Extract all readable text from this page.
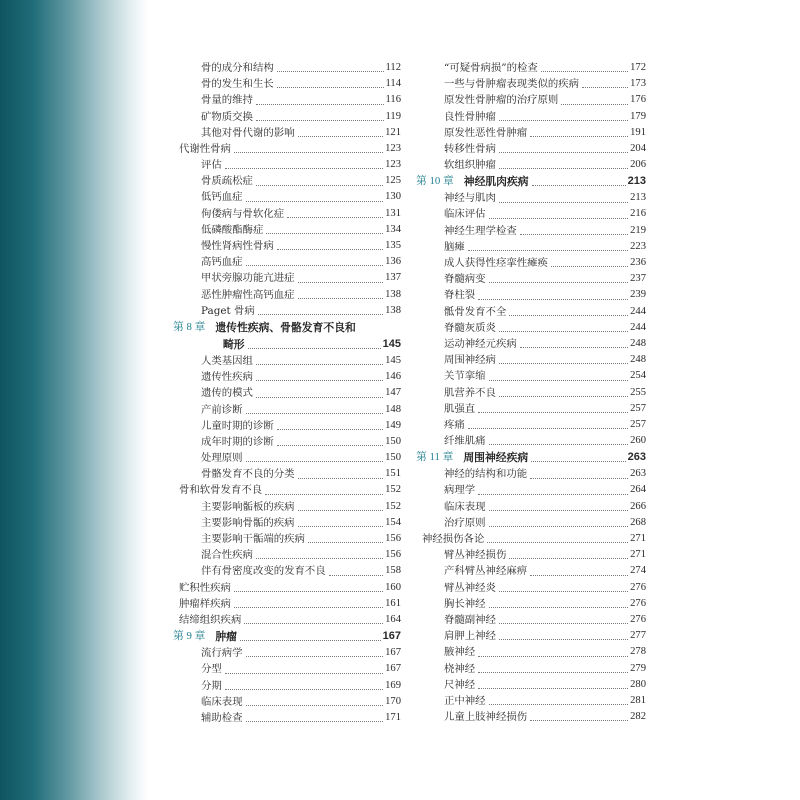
骨的成分和结构	112
骨的发生和生长	114
骨量的维持	116
矿物质交换	119
其他对骨代谢的影响	121
代谢性骨病	123
评估	123
骨质疏松症	125
低钙血症	130
佝偻病与骨软化症	131
低磷酸酯酶症	134
慢性肾病性骨病	135
高钙血症	136
甲状旁腺功能亢进症	137
恶性肿瘤性高钙血症	138
Paget 骨病	138
第 8 章 遗传性疾病、骨骼发育不良和
畸形	145
人类基因组	145
遗传性疾病	146
遗传的模式	147
产前诊断	148
儿童时期的诊断	149
成年时期的诊断	150
处理原则	150
骨骼发育不良的分类	151
骨和软骨发育不良	152
主要影响骺板的疾病	152
主要影响骨骺的疾病	154
主要影响干骺端的疾病	156
混合性疾病	156
伴有骨密度改变的发育不良	158
贮积性疾病	160
肿瘤样疾病	161
结缔组织疾病	164
第 9 章 肿瘤	167
流行病学	167
分型	167
分期	169
临床表现	170
辅助检查	171
“可疑骨病损”的检查	172
一些与骨肿瘤表现类似的疾病	173
原发性骨肿瘤的治疗原则	176
良性骨肿瘤	179
原发性恶性骨肿瘤	191
转移性骨病	204
软组织肿瘤	206
第 10 章 神经肌肉疾病	213
神经与肌肉	213
临床评估	216
神经生理学检查	219
脑瘫	223
成人获得性痉挛性瘫痪	236
脊髓病变	237
脊柱裂	239
骶骨发育不全	244
脊髓灰质炎	244
运动神经元疾病	248
周围神经病	248
关节挛缩	254
肌营养不良	255
肌强直	257
疼痛	257
纤维肌痛	260
第 11 章 周围神经疾病	263
神经的结构和功能	263
病理学	264
临床表现	266
治疗原则	268
神经损伤各论	271
臂丛神经损伤	271
产科臂丛神经麻痹	274
臂丛神经炎	276
胸长神经	276
脊髓副神经	276
肩胛上神经	277
腋神经	278
桡神经	279
尺神经	280
正中神经	281
儿童上肢神经损伤	282
